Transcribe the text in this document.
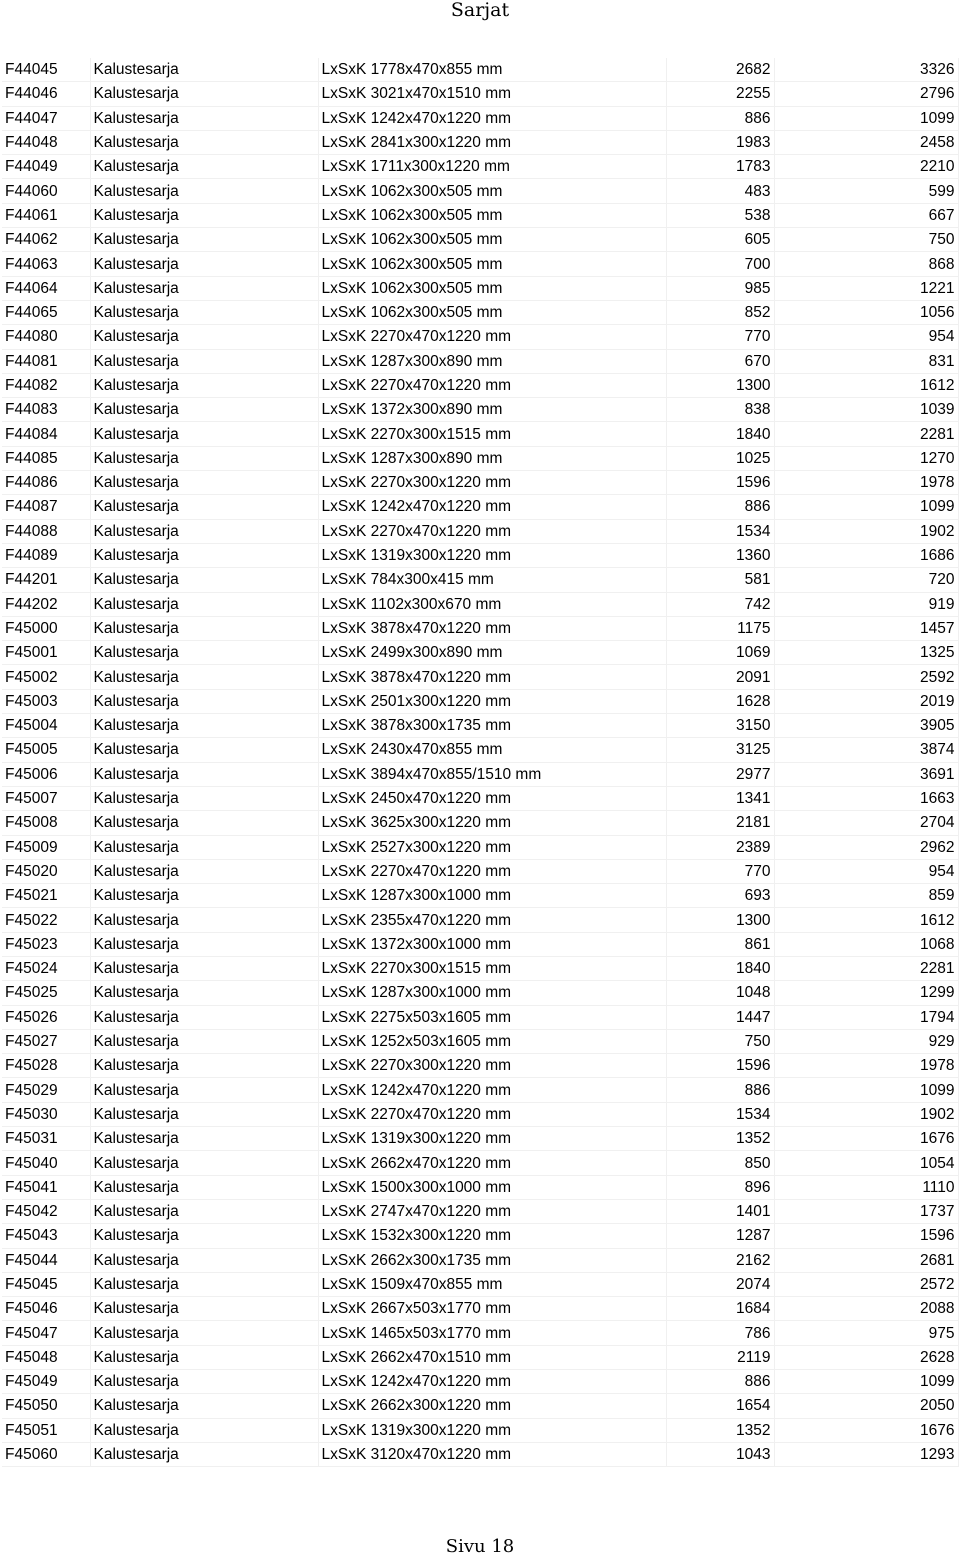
Sarjat
F44045	Kalustesarja	LxSxK 1778x470x855 mm	2682	3326
F44046	Kalustesarja	LxSxK 3021x470x1510 mm	2255	2796
F44047	Kalustesarja	LxSxK 1242x470x1220 mm	886	1099
F44048	Kalustesarja	LxSxK 2841x300x1220 mm	1983	2458
F44049	Kalustesarja	LxSxK 1711x300x1220 mm	1783	2210
F44060	Kalustesarja	LxSxK 1062x300x505 mm	483	599
F44061	Kalustesarja	LxSxK 1062x300x505 mm	538	667
F44062	Kalustesarja	LxSxK 1062x300x505 mm	605	750
F44063	Kalustesarja	LxSxK 1062x300x505 mm	700	868
F44064	Kalustesarja	LxSxK 1062x300x505 mm	985	1221
F44065	Kalustesarja	LxSxK 1062x300x505 mm	852	1056
F44080	Kalustesarja	LxSxK 2270x470x1220 mm	770	954
F44081	Kalustesarja	LxSxK 1287x300x890 mm	670	831
F44082	Kalustesarja	LxSxK 2270x470x1220 mm	1300	1612
F44083	Kalustesarja	LxSxK 1372x300x890 mm	838	1039
F44084	Kalustesarja	LxSxK 2270x300x1515 mm	1840	2281
F44085	Kalustesarja	LxSxK 1287x300x890 mm	1025	1270
F44086	Kalustesarja	LxSxK 2270x300x1220 mm	1596	1978
F44087	Kalustesarja	LxSxK 1242x470x1220 mm	886	1099
F44088	Kalustesarja	LxSxK 2270x470x1220 mm	1534	1902
F44089	Kalustesarja	LxSxK 1319x300x1220 mm	1360	1686
F44201	Kalustesarja	LxSxK 784x300x415 mm	581	720
F44202	Kalustesarja	LxSxK 1102x300x670 mm	742	919
F45000	Kalustesarja	LxSxK 3878x470x1220 mm	1175	1457
F45001	Kalustesarja	LxSxK 2499x300x890 mm	1069	1325
F45002	Kalustesarja	LxSxK 3878x470x1220 mm	2091	2592
F45003	Kalustesarja	LxSxK 2501x300x1220 mm	1628	2019
F45004	Kalustesarja	LxSxK 3878x300x1735 mm	3150	3905
F45005	Kalustesarja	LxSxK 2430x470x855 mm	3125	3874
F45006	Kalustesarja	LxSxK 3894x470x855/1510 mm	2977	3691
F45007	Kalustesarja	LxSxK 2450x470x1220 mm	1341	1663
F45008	Kalustesarja	LxSxK 3625x300x1220 mm	2181	2704
F45009	Kalustesarja	LxSxK 2527x300x1220 mm	2389	2962
F45020	Kalustesarja	LxSxK 2270x470x1220 mm	770	954
F45021	Kalustesarja	LxSxK 1287x300x1000 mm	693	859
F45022	Kalustesarja	LxSxK 2355x470x1220 mm	1300	1612
F45023	Kalustesarja	LxSxK 1372x300x1000 mm	861	1068
F45024	Kalustesarja	LxSxK 2270x300x1515 mm	1840	2281
F45025	Kalustesarja	LxSxK 1287x300x1000 mm	1048	1299
F45026	Kalustesarja	LxSxK 2275x503x1605 mm	1447	1794
F45027	Kalustesarja	LxSxK 1252x503x1605 mm	750	929
F45028	Kalustesarja	LxSxK 2270x300x1220 mm	1596	1978
F45029	Kalustesarja	LxSxK 1242x470x1220 mm	886	1099
F45030	Kalustesarja	LxSxK 2270x470x1220 mm	1534	1902
F45031	Kalustesarja	LxSxK 1319x300x1220 mm	1352	1676
F45040	Kalustesarja	LxSxK 2662x470x1220 mm	850	1054
F45041	Kalustesarja	LxSxK 1500x300x1000 mm	896	1110
F45042	Kalustesarja	LxSxK 2747x470x1220 mm	1401	1737
F45043	Kalustesarja	LxSxK 1532x300x1220 mm	1287	1596
F45044	Kalustesarja	LxSxK 2662x300x1735 mm	2162	2681
F45045	Kalustesarja	LxSxK 1509x470x855 mm	2074	2572
F45046	Kalustesarja	LxSxK 2667x503x1770 mm	1684	2088
F45047	Kalustesarja	LxSxK 1465x503x1770 mm	786	975
F45048	Kalustesarja	LxSxK 2662x470x1510 mm	2119	2628
F45049	Kalustesarja	LxSxK 1242x470x1220 mm	886	1099
F45050	Kalustesarja	LxSxK 2662x300x1220 mm	1654	2050
F45051	Kalustesarja	LxSxK 1319x300x1220 mm	1352	1676
F45060	Kalustesarja	LxSxK 3120x470x1220 mm	1043	1293
Sivu 18
